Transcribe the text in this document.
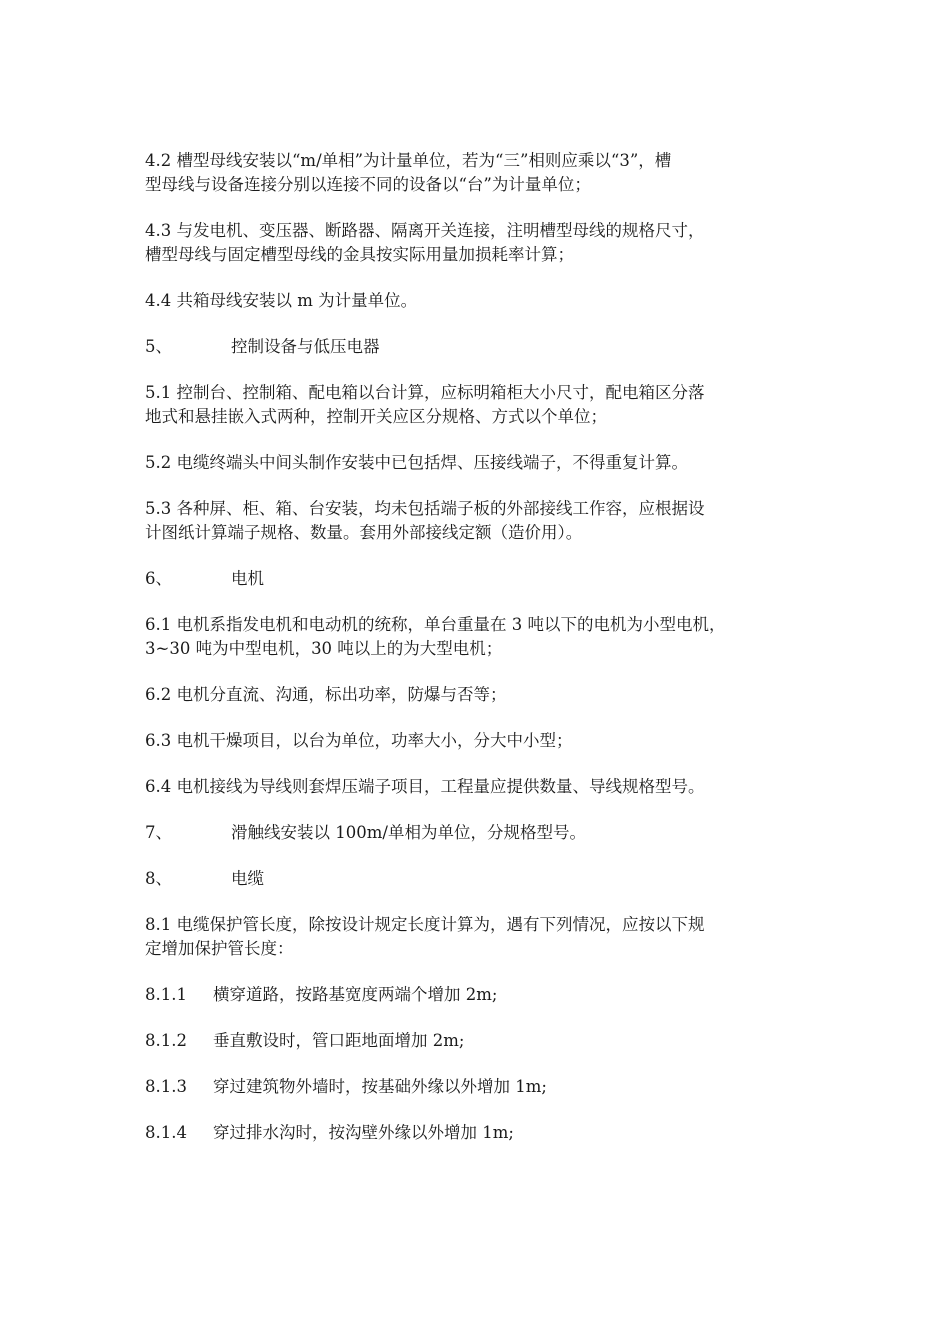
4.2 槽型母线安装以“m/单相”为计量单位，若为“三”相则应乘以“3”，槽
型母线与设备连接分别以连接不同的设备以“台”为计量单位；

4.3 与发电机、变压器、断路器、隔离开关连接，注明槽型母线的规格尺寸，
槽型母线与固定槽型母线的金具按实际用量加损耗率计算；

4.4 共箱母线安装以 m 为计量单位。

5、	控制设备与低压电器

5.1 控制台、控制箱、配电箱以台计算，应标明箱柜大小尺寸，配电箱区分落
地式和悬挂嵌入式两种，控制开关应区分规格、方式以个单位；

5.2 电缆终端头中间头制作安装中已包括焊、压接线端子，不得重复计算。

5.3 各种屏、柜、箱、台安装，均未包括端子板的外部接线工作容，应根据设
计图纸计算端子规格、数量。套用外部接线定额（造价用）。

6、	电机

6.1 电机系指发电机和电动机的统称，单台重量在 3 吨以下的电机为小型电机，
3~30 吨为中型电机，30 吨以上的为大型电机；

6.2 电机分直流、沟通，标出功率，防爆与否等；

6.3 电机干燥项目，以台为单位，功率大小，分大中小型；

6.4 电机接线为导线则套焊压端子项目，工程量应提供数量、导线规格型号。

7、	滑触线安装以 100m/单相为单位，分规格型号。
8、	电缆

8.1 电缆保护管长度，除按设计规定长度计算为，遇有下列情况，应按以下规
定增加保护管长度：

8.1.1	横穿道路，按路基宽度两端个增加 2m;
8.1.2	垂直敷设时，管口距地面增加 2m;
8.1.3	穿过建筑物外墙时，按基础外缘以外增加 1m;
8.1.4	穿过排水沟时，按沟壁外缘以外增加 1m;
